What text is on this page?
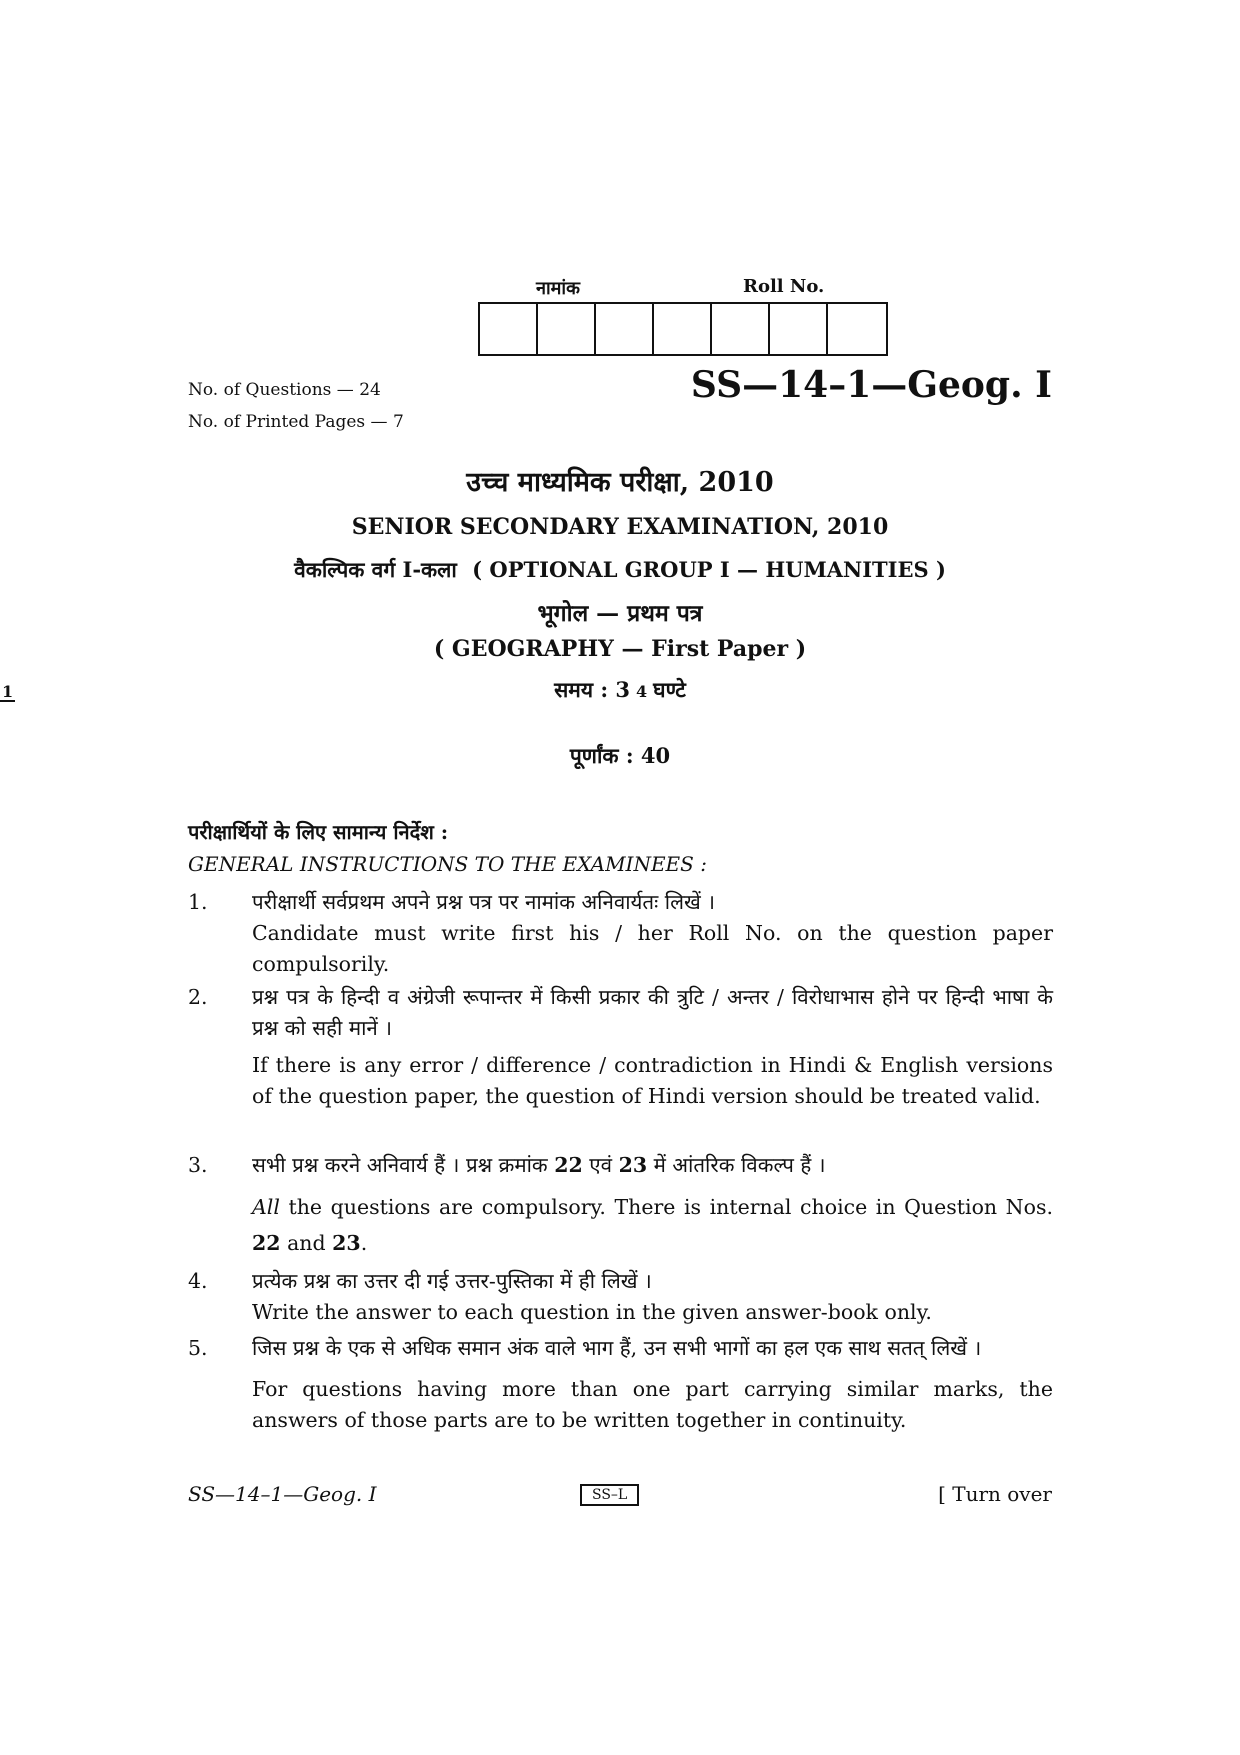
नामांक	Roll No.
No. of Questions — 24
No. of Printed Pages — 7
SS—14–1—Geog. I
उच्च माध्यमिक परीक्षा, 2010
SENIOR SECONDARY EXAMINATION, 2010
वैकल्पिक वर्ग I-कला ( OPTIONAL GROUP I — HUMANITIES )
भूगोल — प्रथम पत्र
( GEOGRAPHY — First Paper )
समय : 3
1	4 घण्टे
पूर्णांक : 40
परीक्षार्थियों के लिए सामान्य निर्देश :
GENERAL INSTRUCTIONS TO THE EXAMINEES :
1. परीक्षार्थी सर्वप्रथम अपने प्रश्न पत्र पर नामांक अनिवार्यतः लिखें ।
Candidate must write first his / her Roll No. on the question paper compulsorily.
2. प्रश्न पत्र के हिन्दी व अंग्रेजी रूपान्तर में किसी प्रकार की त्रुटि / अन्तर / विरोधाभास होने पर हिन्दी भाषा के प्रश्न को सही मानें ।
If there is any error / difference / contradiction in Hindi & English versions of the question paper, the question of Hindi version should be treated valid.
3. सभी प्रश्न करने अनिवार्य हैं । प्रश्न क्रमांक 22 एवं 23 में आंतरिक विकल्प हैं ।
All the questions are compulsory. There is internal choice in Question Nos. 22 and 23.
4. प्रत्येक प्रश्न का उत्तर दी गई उत्तर-पुस्तिका में ही लिखें ।
Write the answer to each question in the given answer-book only.
5. जिस प्रश्न के एक से अधिक समान अंक वाले भाग हैं, उन सभी भागों का हल एक साथ सतत् लिखें ।
For questions having more than one part carrying similar marks, the answers of those parts are to be written together in continuity.
SS—14–1—Geog. I	SS–L	[ Turn over
